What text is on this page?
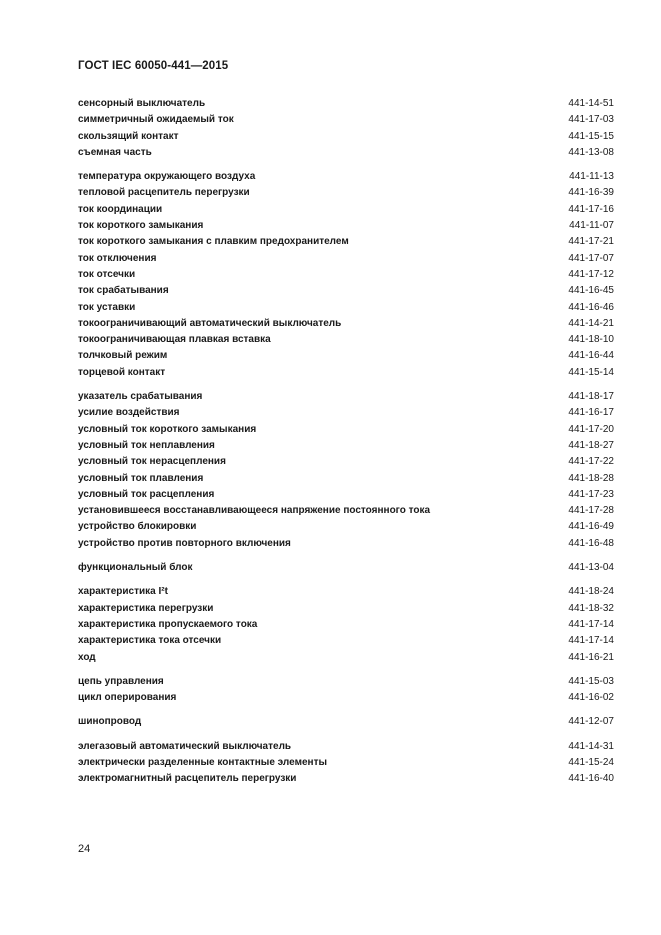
ГОСТ IEC 60050-441—2015
сенсорный выключатель	441-14-51
симметричный ожидаемый ток	441-17-03
скользящий контакт	441-15-15
съемная часть	441-13-08
температура окружающего воздуха	441-11-13
тепловой расцепитель перегрузки	441-16-39
ток координации	441-17-16
ток короткого замыкания	441-11-07
ток короткого замыкания с плавким предохранителем	441-17-21
ток отключения	441-17-07
ток отсечки	441-17-12
ток срабатывания	441-16-45
ток уставки	441-16-46
токоограничивающий автоматический выключатель	441-14-21
токоограничивающая плавкая вставка	441-18-10
толчковый режим	441-16-44
торцевой контакт	441-15-14
указатель срабатывания	441-18-17
усилие воздействия	441-16-17
условный ток короткого замыкания	441-17-20
условный ток неплавления	441-18-27
условный ток нерасцепления	441-17-22
условный ток плавления	441-18-28
условный ток расцепления	441-17-23
установившееся восстанавливающееся напряжение постоянного тока	441-17-28
устройство блокировки	441-16-49
устройство против повторного включения	441-16-48
функциональный блок	441-13-04
характеристика I²t	441-18-24
характеристика перегрузки	441-18-32
характеристика пропускаемого тока	441-17-14
характеристика тока отсечки	441-17-14
ход	441-16-21
цепь управления	441-15-03
цикл оперирования	441-16-02
шинопровод	441-12-07
элегазовый автоматический выключатель	441-14-31
электрически разделенные контактные элементы	441-15-24
электромагнитный расцепитель перегрузки	441-16-40
24
